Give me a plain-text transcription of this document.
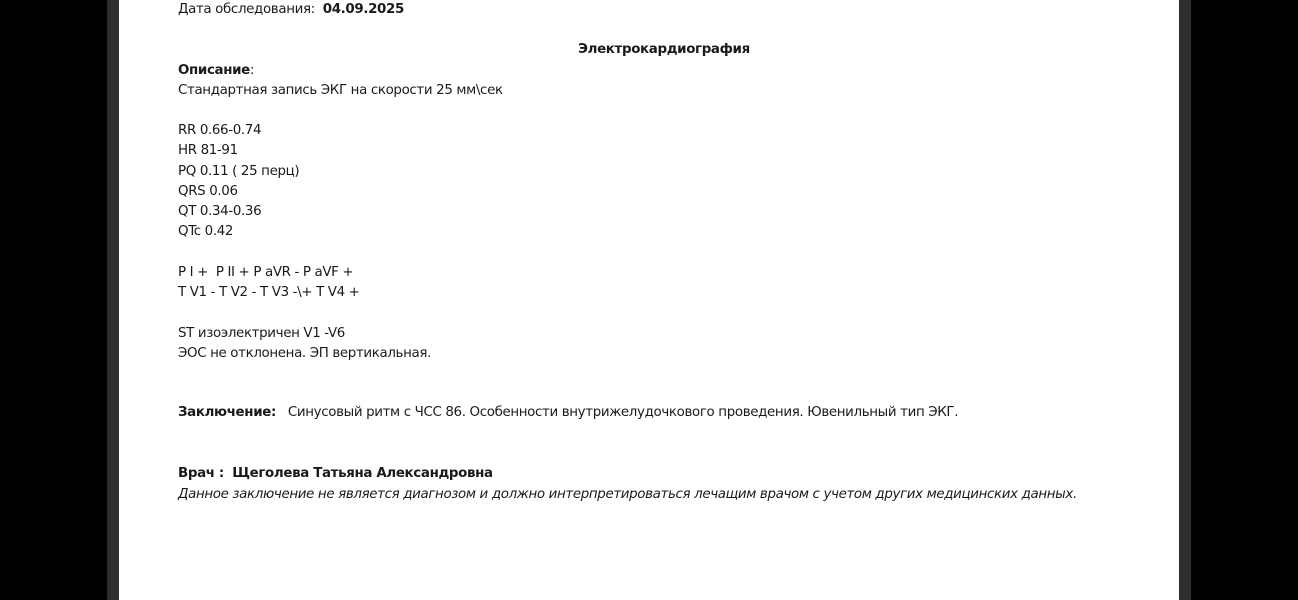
Дата обследования: 04.09.2025
Электрокардиография
Описание:
Стандартная запись ЭКГ на скорости 25 мм\сек
RR 0.66-0.74
HR 81-91
PQ 0.11 ( 25 перц)
QRS 0.06
QT 0.34-0.36
QTc 0.42
P I +  P II + P aVR - P aVF +
T V1 - T V2 - T V3 -\+ T V4 +
ST изоэлектричен V1 -V6
ЭОС не отклонена. ЭП вертикальная.
Заключение: Синусовый ритм с ЧСС 86. Особенности внутрижелудочкового проведения. Ювенильный тип ЭКГ.
Врач : Щеголева Татьяна Александровна
Данное заключение не является диагнозом и должно интерпретироваться лечащим врачом с учетом других медицинских данных.
